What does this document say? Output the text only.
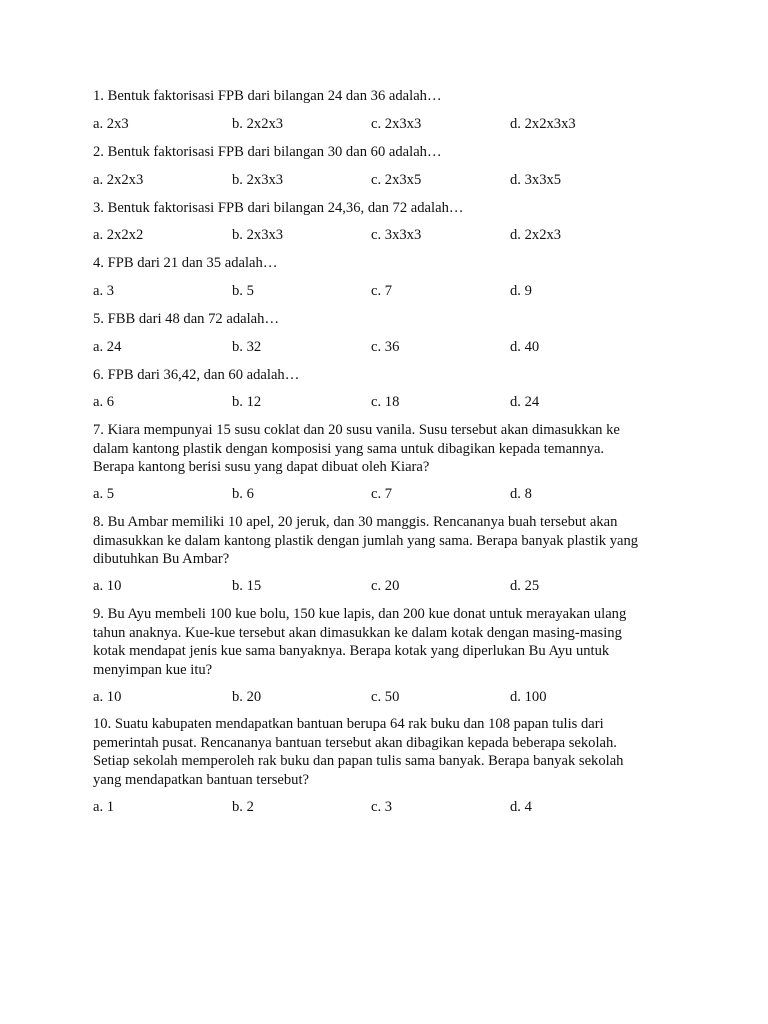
1. Bentuk faktorisasi FPB dari bilangan 24 dan 36 adalah…

a. 2x3	b. 2x2x3	c. 2x3x3	d. 2x2x3x3

2. Bentuk faktorisasi FPB dari bilangan 30 dan 60 adalah…

a. 2x2x3	b. 2x3x3	c. 2x3x5	d. 3x3x5

3. Bentuk faktorisasi FPB dari bilangan 24,36, dan 72 adalah…

a. 2x2x2	b. 2x3x3	c. 3x3x3	d. 2x2x3

4. FPB dari 21 dan 35 adalah…

a. 3	b. 5	c. 7	d. 9

5. FBB dari 48 dan 72 adalah…

a. 24	b. 32	c. 36	d. 40

6. FPB dari 36,42, dan 60 adalah…

a. 6	b. 12	c. 18	d. 24
7. Kiara mempunyai 15 susu coklat dan 20 susu vanila. Susu tersebut akan dimasukkan ke
dalam kantong plastik dengan komposisi yang sama untuk dibagikan kepada temannya.
Berapa kantong berisi susu yang dapat dibuat oleh Kiara?
a. 5	b. 6	c. 7	d. 8
8. Bu Ambar memiliki 10 apel, 20 jeruk, dan 30 manggis. Rencananya buah tersebut akan
dimasukkan ke dalam kantong plastik dengan jumlah yang sama. Berapa banyak plastik yang
dibutuhkan Bu Ambar?
a. 10	b. 15	c. 20	d. 25
9. Bu Ayu membeli 100 kue bolu, 150 kue lapis, dan 200 kue donat untuk merayakan ulang
tahun anaknya. Kue-kue tersebut akan dimasukkan ke dalam kotak dengan masing-masing
kotak mendapat jenis kue sama banyaknya. Berapa kotak yang diperlukan Bu Ayu untuk
menyimpan kue itu?
a. 10	b. 20	c. 50	d. 100
10. Suatu kabupaten mendapatkan bantuan berupa 64 rak buku dan 108 papan tulis dari
pemerintah pusat. Rencananya bantuan tersebut akan dibagikan kepada beberapa sekolah.
Setiap sekolah memperoleh rak buku dan papan tulis sama banyak. Berapa banyak sekolah
yang mendapatkan bantuan tersebut?
a. 1	b. 2	c. 3	d. 4
